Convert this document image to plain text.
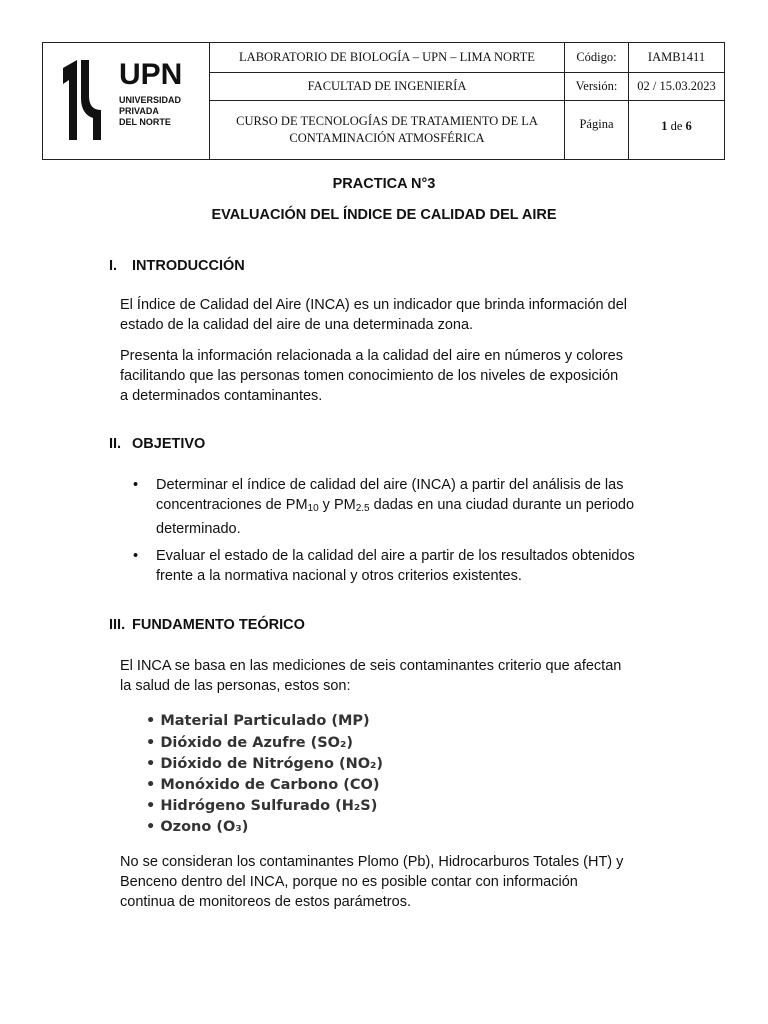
UPN
UNIVERSIDAD
PRIVADA
DEL NORTE
LABORATORIO DE BIOLOGÍA – UPN – LIMA NORTE
FACULTAD DE INGENIERÍA
CURSO DE TECNOLOGÍAS DE TRATAMIENTO DE LA
CONTAMINACIÓN ATMOSFÉRICA
Código:
Versión:
Página
IAMB1411
02 / 15.03.2023
1
de
6
PRACTICA N°3
EVALUACIÓN DEL ÍNDICE DE CALIDAD DEL AIRE
I. INTRODUCCIÓN
El Índice de Calidad del Aire (INCA) es un indicador que brinda información del
estado de la calidad del aire de una determinada zona.
Presenta la información relacionada a la calidad del aire en números y colores
facilitando que las personas tomen conocimiento de los niveles de exposición
a determinados contaminantes.
II. OBJETIVO
• Determinar el índice de calidad del aire (INCA) a partir del análisis de las
concentraciones de $PM_{10}$ y $PM_{2.5}$ dadas en una ciudad durante un periodo
determinado.
• Evaluar el estado de la calidad del aire a partir de los resultados obtenidos
frente a la normativa nacional y otros criterios existentes.
III. FUNDAMENTO TEÓRICO
El INCA se basa en las mediciones de seis contaminantes criterio que afectan
la salud de las personas, estos son:
• Material Particulado (MP)
• Dióxido de Azufre (SO₂)
• Dióxido de Nitrógeno (NO₂)
• Monóxido de Carbono (CO)
• Hidrógeno Sulfurado (H₂S)
• Ozono (O₃)
No se consideran los contaminantes Plomo (Pb), Hidrocarburos Totales (HT) y
Benceno dentro del INCA, porque no es posible contar con información
continua de monitoreos de estos parámetros.
